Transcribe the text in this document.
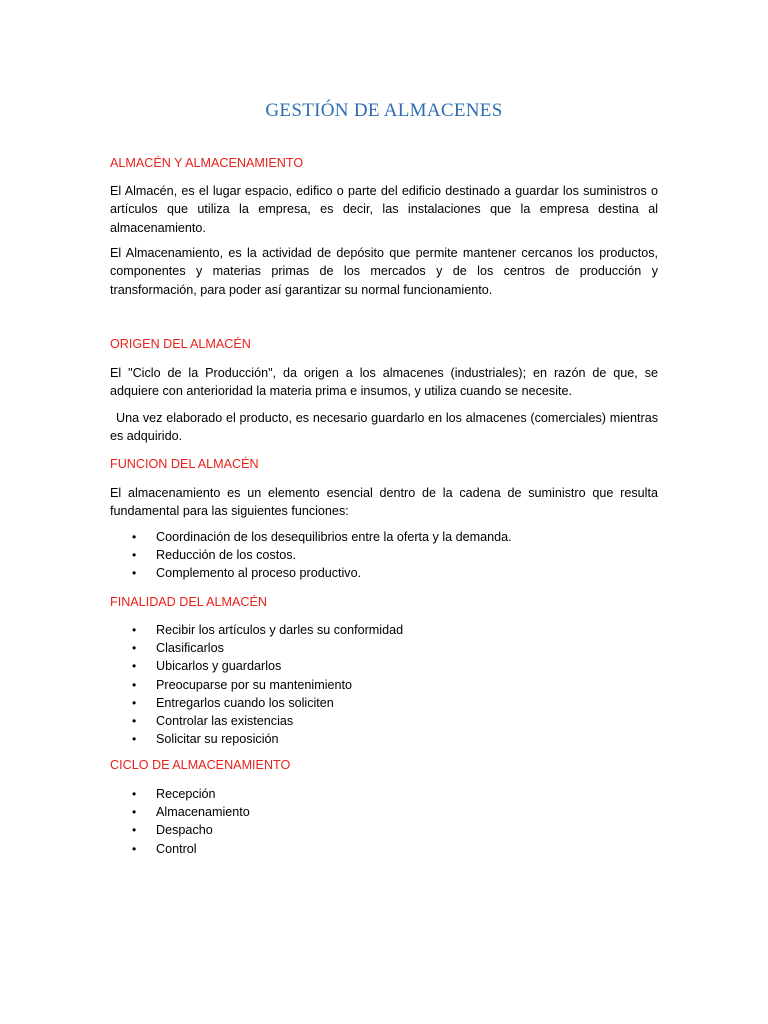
GESTIÓN DE ALMACENES
ALMACÉN Y ALMACENAMIENTO

El Almacén, es el lugar espacio, edifico o parte del edificio destinado a guardar los suministros o artículos que utiliza la empresa, es decir, las instalaciones que la empresa destina al almacenamiento.

El Almacenamiento, es la actividad de depósito que permite mantener cercanos los productos, componentes y materias primas de los mercados y de los centros de producción y transformación, para poder así garantizar su normal funcionamiento.

ORIGEN DEL ALMACÉN

El "Ciclo de la Producción", da origen a los almacenes (industriales); en razón de que, se adquiere con anterioridad la materia prima e insumos, y utiliza cuando se necesite.

Una vez elaborado el producto, es necesario guardarlo en los almacenes (comerciales) mientras es adquirido.

FUNCION DEL ALMACÉN

El almacenamiento es un elemento esencial dentro de la cadena de suministro que resulta fundamental para las siguientes funciones:

• Coordinación de los desequilibrios entre la oferta y la demanda.
• Reducción de los costos.
• Complemento al proceso productivo.
FINALIDAD DEL ALMACÉN
• Recibir los artículos y darles su conformidad
• Clasificarlos
• Ubicarlos y guardarlos
• Preocuparse por su mantenimiento
• Entregarlos cuando los soliciten
• Controlar las existencias
• Solicitar su reposición
CICLO DE ALMACENAMIENTO
• Recepción
• Almacenamiento
• Despacho
• Control
